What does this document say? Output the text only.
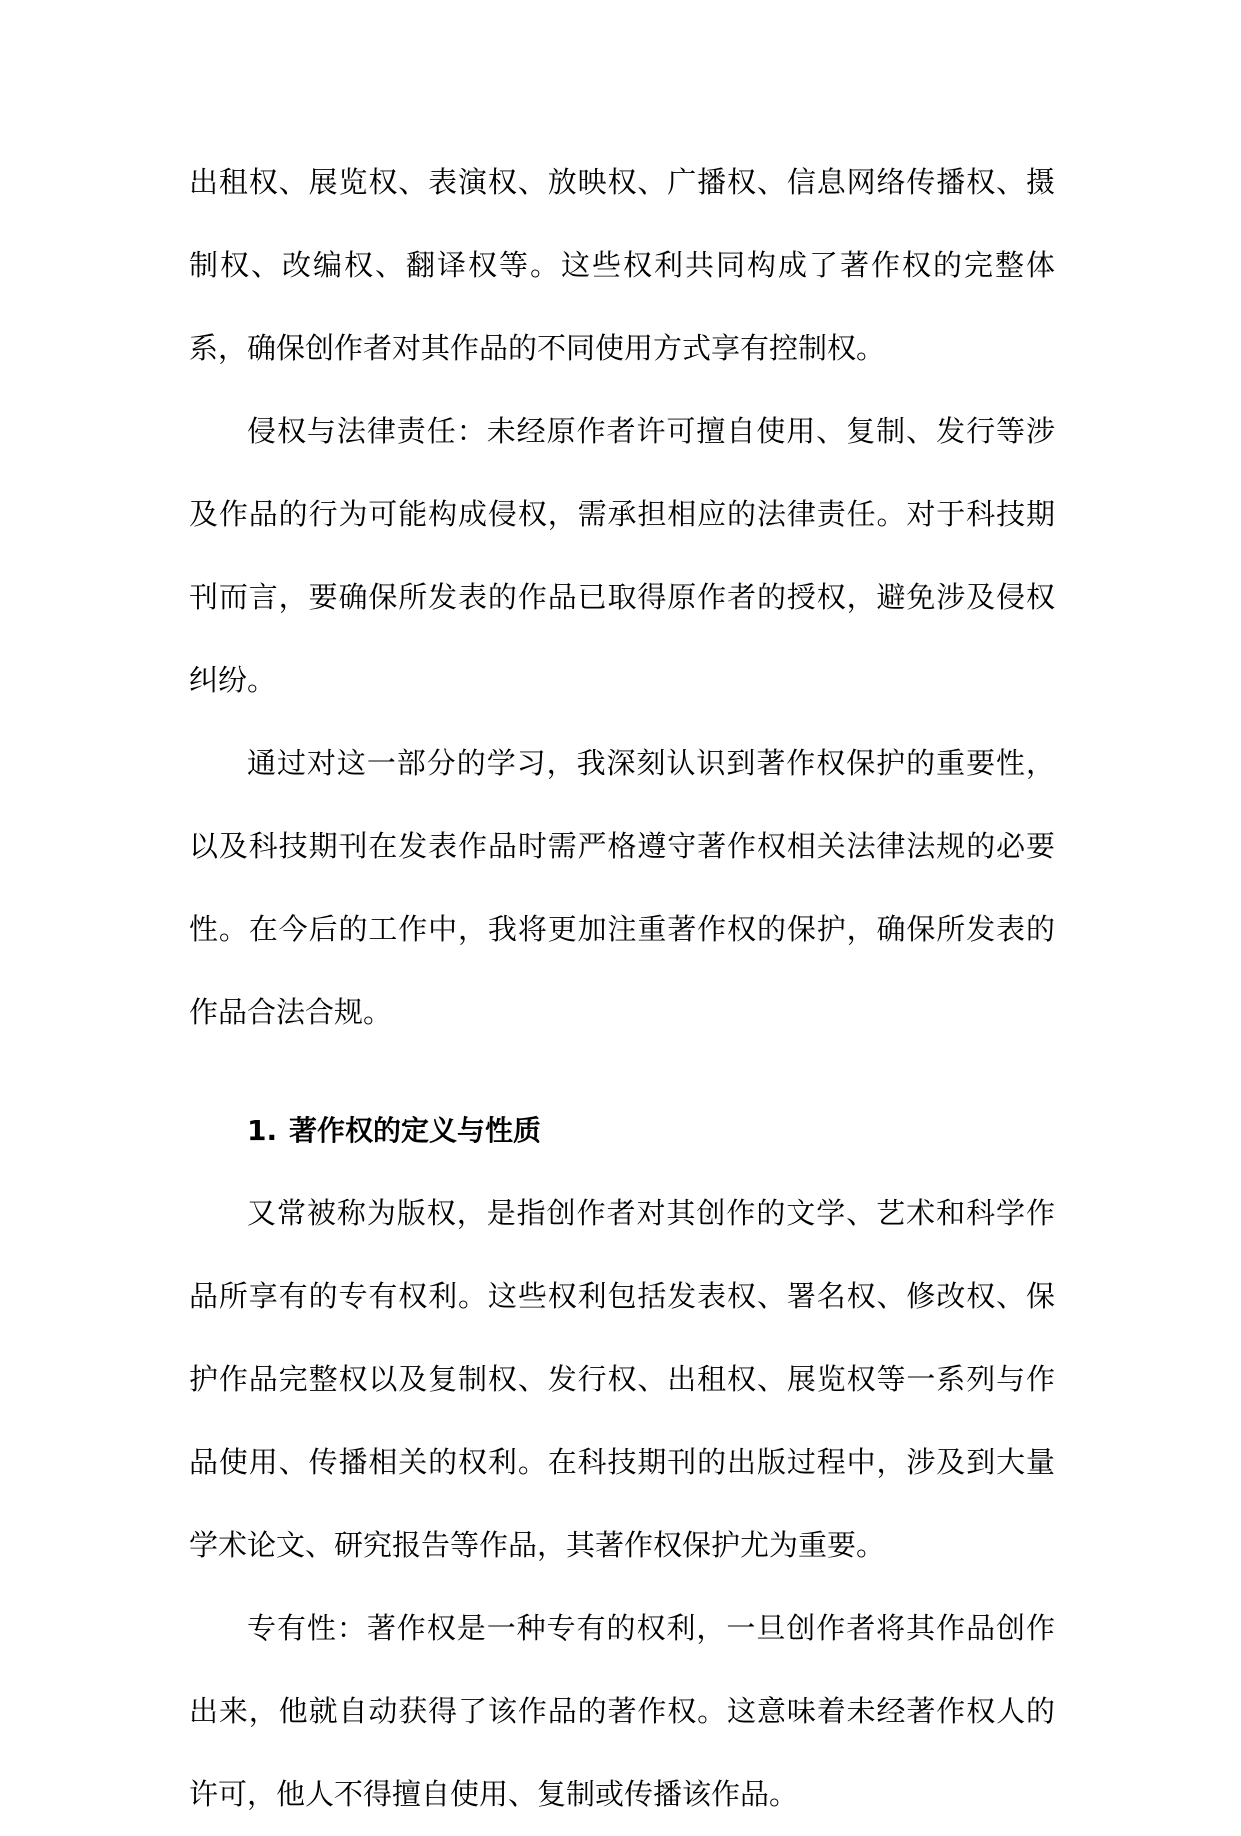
出租权、展览权、表演权、放映权、广播权、信息网络传播权、摄制权、改编权、翻译权等。这些权利共同构成了著作权的完整体系，确保创作者对其作品的不同使用方式享有控制权。

侵权与法律责任：未经原作者许可擅自使用、复制、发行等涉及作品的行为可能构成侵权，需承担相应的法律责任。对于科技期刊而言，要确保所发表的作品已取得原作者的授权，避免涉及侵权纠纷。

通过对这一部分的学习，我深刻认识到著作权保护的重要性，以及科技期刊在发表作品时需严格遵守著作权相关法律法规的必要性。在今后的工作中，我将更加注重著作权的保护，确保所发表的作品合法合规。

1. 著作权的定义与性质

又常被称为版权，是指创作者对其创作的文学、艺术和科学作品所享有的专有权利。这些权利包括发表权、署名权、修改权、保护作品完整权以及复制权、发行权、出租权、展览权等一系列与作品使用、传播相关的权利。在科技期刊的出版过程中，涉及到大量学术论文、研究报告等作品，其著作权保护尤为重要。

专有性：著作权是一种专有的权利，一旦创作者将其作品创作出来，他就自动获得了该作品的著作权。这意味着未经著作权人的许可，他人不得擅自使用、复制或传播该作品。
